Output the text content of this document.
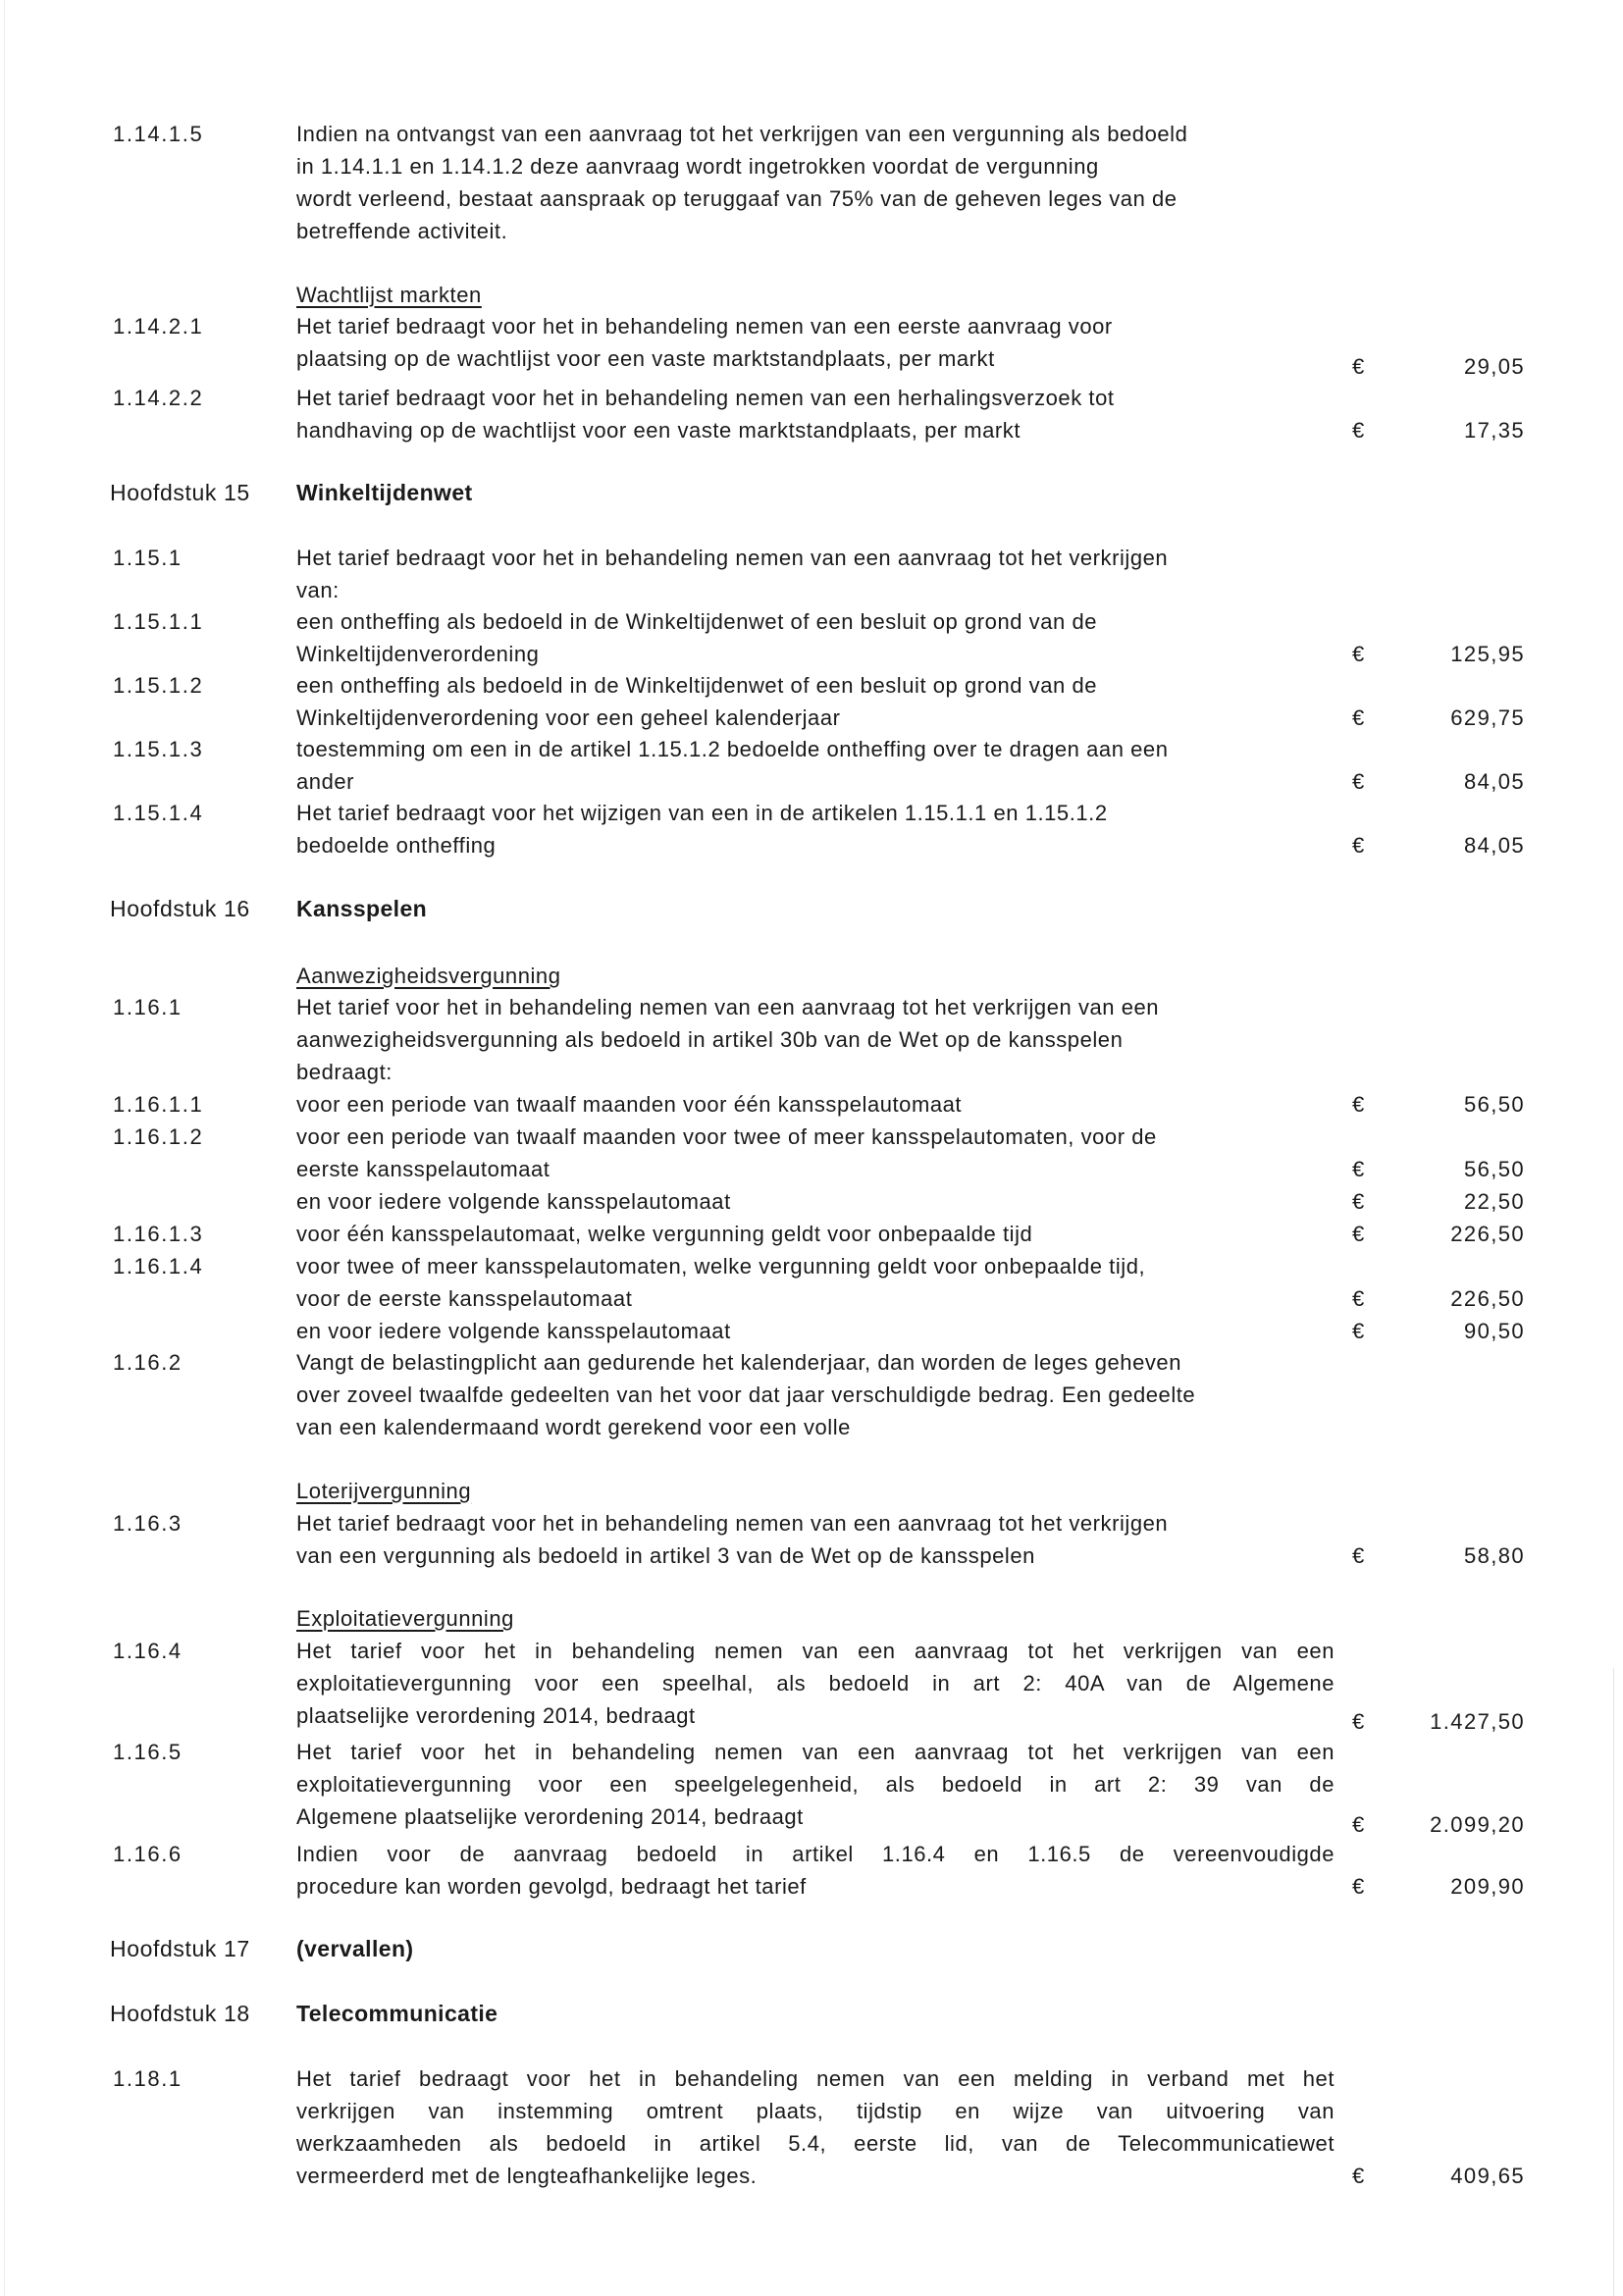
1.14.1.5	Indien na ontvangst van een aanvraag tot het verkrijgen van een vergunning als bedoeld
in 1.14.1.1 en 1.14.1.2 deze aanvraag wordt ingetrokken voordat de vergunning
wordt verleend, bestaat aanspraak op teruggaaf van 75% van de geheven leges van de
betreffende activiteit.
Wachtlijst markten
1.14.2.1	Het tarief bedraagt voor het in behandeling nemen van een eerste aanvraag voor
plaatsing op de wachtlijst voor een vaste marktstandplaats, per markt	€	29,05
1.14.2.2	Het tarief bedraagt voor het in behandeling nemen van een herhalingsverzoek tot
handhaving op de wachtlijst voor een vaste marktstandplaats, per markt	€	17,35
Hoofdstuk 15 Winkeltijdenwet
1.15.1	Het tarief bedraagt voor het in behandeling nemen van een aanvraag tot het verkrijgen
van:
1.15.1.1	een ontheffing als bedoeld in de Winkeltijdenwet of een besluit op grond van de
Winkeltijdenverordening	€	125,95
1.15.1.2	een ontheffing als bedoeld in de Winkeltijdenwet of een besluit op grond van de
Winkeltijdenverordening voor een geheel kalenderjaar	€	629,75
1.15.1.3	toestemming om een in de artikel 1.15.1.2 bedoelde ontheffing over te dragen aan een
ander	€	84,05
1.15.1.4	Het tarief bedraagt voor het wijzigen van een in de artikelen 1.15.1.1 en 1.15.1.2
bedoelde ontheffing	€	84,05
Hoofdstuk 16 Kansspelen
Aanwezigheidsvergunning
1.16.1	Het tarief voor het in behandeling nemen van een aanvraag tot het verkrijgen van een
aanwezigheidsvergunning als bedoeld in artikel 30b van de Wet op de kansspelen
bedraagt:
1.16.1.1	voor een periode van twaalf maanden voor één kansspelautomaat	€	56,50
1.16.1.2	voor een periode van twaalf maanden voor twee of meer kansspelautomaten, voor de
eerste kansspelautomaat	€	56,50
en voor iedere volgende kansspelautomaat	€	22,50
1.16.1.3	voor één kansspelautomaat, welke vergunning geldt voor onbepaalde tijd	€	226,50
1.16.1.4	voor twee of meer kansspelautomaten, welke vergunning geldt voor onbepaalde tijd,
voor de eerste kansspelautomaat	€	226,50
en voor iedere volgende kansspelautomaat	€	90,50
1.16.2	Vangt de belastingplicht aan gedurende het kalenderjaar, dan worden de leges geheven
over zoveel twaalfde gedeelten van het voor dat jaar verschuldigde bedrag. Een gedeelte
van een kalendermaand wordt gerekend voor een volle
Loterijvergunning
1.16.3	Het tarief bedraagt voor het in behandeling nemen van een aanvraag tot het verkrijgen
van een vergunning als bedoeld in artikel 3 van de Wet op de kansspelen	€	58,80
Exploitatievergunning
1.16.4	Het tarief voor het in behandeling nemen van een aanvraag tot het verkrijgen van een
exploitatievergunning voor een speelhal, als bedoeld in art 2: 40A van de Algemene
plaatselijke verordening 2014, bedraagt	€	1.427,50
1.16.5	Het tarief voor het in behandeling nemen van een aanvraag tot het verkrijgen van een
exploitatievergunning voor een speelgelegenheid, als bedoeld in art 2: 39 van de
Algemene plaatselijke verordening 2014, bedraagt	€	2.099,20
1.16.6	Indien voor de aanvraag bedoeld in artikel 1.16.4 en 1.16.5 de vereenvoudigde
procedure kan worden gevolgd, bedraagt het tarief	€	209,90
Hoofdstuk 17 (vervallen)
Hoofdstuk 18 Telecommunicatie
1.18.1	Het tarief bedraagt voor het in behandeling nemen van een melding in verband met het
verkrijgen van instemming omtrent plaats, tijdstip en wijze van uitvoering van
werkzaamheden als bedoeld in artikel 5.4, eerste lid, van de Telecommunicatiewet
vermeerderd met de lengteafhankelijke leges.	€	409,65
